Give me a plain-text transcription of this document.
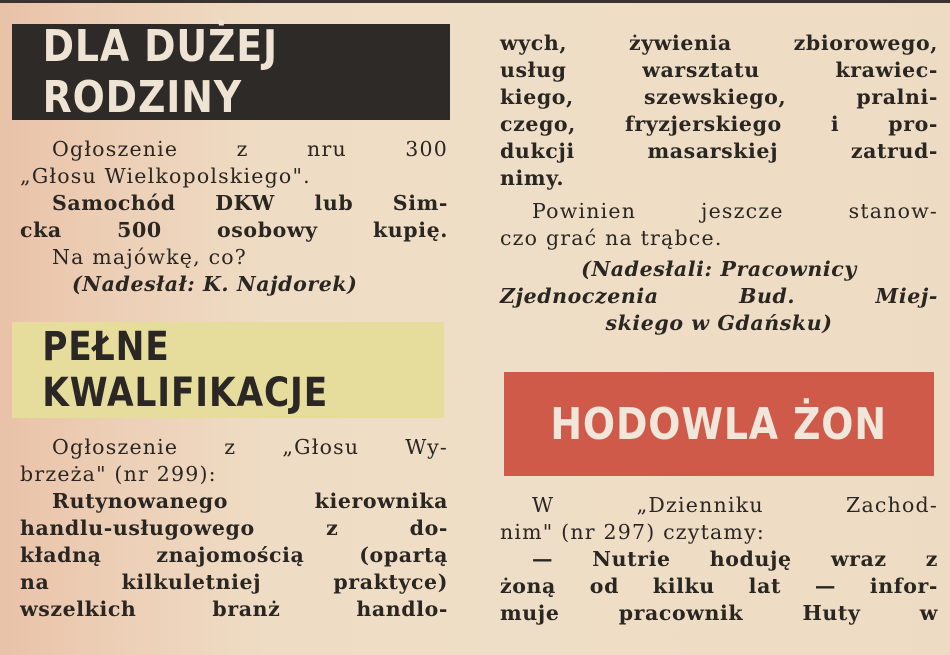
DLA DUŻEJ RODZINY
Ogłoszenie z nru 300
„Głosu Wielkopolskiego".
Samochód DKW lub Sim-
cka 500 osobowy kupię.
Na majówkę, co?
(Nadesłał: K. Najdorek)
PEŁNE KWALIFIKACJE
Ogłoszenie z „Głosu Wy-
brzeża" (nr 299):
Rutynowanego kierownika
handlu-usługowego z do-
kładną znajomością (opartą
na kilkuletniej praktyce)
wszelkich branż handlo-
wych, żywienia zbiorowego,
usług warsztatu krawiec-
kiego, szewskiego, pralni-
czego, fryzjerskiego i pro-
dukcji masarskiej zatrud-
nimy.
Powinien jeszcze stanow-
czo grać na trąbce.
(Nadesłali: Pracownicy
Zjednoczenia Bud. Miej-
skiego w Gdańsku)
HODOWLA ŻON
W „Dzienniku Zachod-
nim" (nr 297) czytamy:
— Nutrie hoduję wraz z
żoną od kilku lat — infor-
muje pracownik Huty w
